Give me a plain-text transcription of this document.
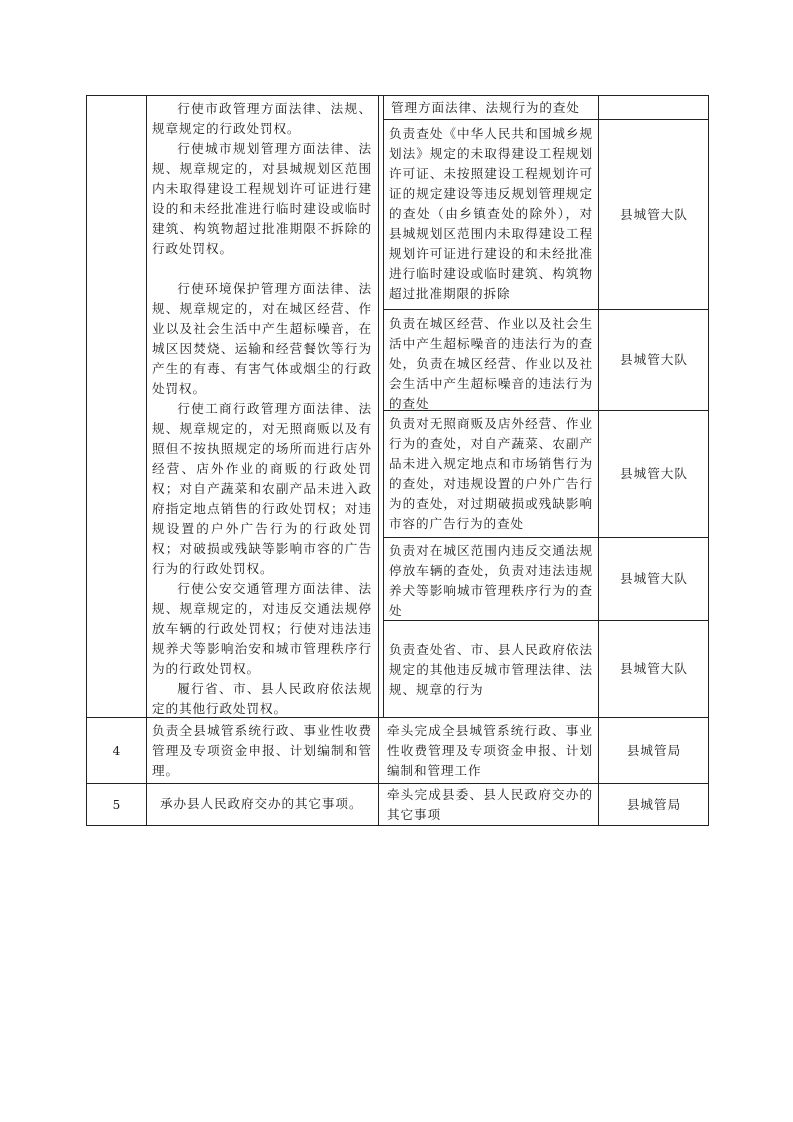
行使市政管理方面法律、法规、规章规定的行政处罚权。
行使城市规划管理方面法律、法规、规章规定的，对县城规划区范围内未取得建设工程规划许可证进行建设的和未经批准进行临时建设或临时建筑、构筑物超过批准期限不拆除的行政处罚权。
行使环境保护管理方面法律、法规、规章规定的，对在城区经营、作业以及社会生活中产生超标噪音，在城区因焚烧、运输和经营餐饮等行为产生的有毒、有害气体或烟尘的行政处罚权。
行使工商行政管理方面法律、法规、规章规定的，对无照商贩以及有照但不按执照规定的场所而进行店外经营、店外作业的商贩的行政处罚权；对自产蔬菜和农副产品未进入政府指定地点销售的行政处罚权；对违规设置的户外广告行为的行政处罚权；对破损或残缺等影响市容的广告行为的行政处罚权。
行使公安交通管理方面法律、法规、规章规定的，对违反交通法规停放车辆的行政处罚权；行使对违法违规养犬等影响治安和城市管理秩序行为的行政处罚权。
履行省、市、县人民政府依法规定的其他行政处罚权。
管理方面法律、法规行为的查处
负责查处《中华人民共和国城乡规划法》规定的未取得建设工程规划许可证、未按照建设工程规划许可证的规定建设等违反规划管理规定的查处（由乡镇查处的除外），对县城规划区范围内未取得建设工程规划许可证进行建设的和未经批准进行临时建设或临时建筑、构筑物超过批准期限的拆除
县城管大队
负责在城区经营、作业以及社会生活中产生超标噪音的违法行为的查处，负责在城区经营、作业以及社会生活中产生超标噪音的违法行为的查处
县城管大队
负责对无照商贩及店外经营、作业行为的查处，对自产蔬菜、农副产品未进入规定地点和市场销售行为的查处，对违规设置的户外广告行为的查处，对过期破损或残缺影响市容的广告行为的查处
县城管大队
负责对在城区范围内违反交通法规停放车辆的查处，负责对违法违规养犬等影响城市管理秩序行为的查处
县城管大队
负责查处省、市、县人民政府依法规定的其他违反城市管理法律、法规、规章的行为
县城管大队
4
负责全县城管系统行政、事业性收费管理及专项资金申报、计划编制和管理。
牵头完成全县城管系统行政、事业性收费管理及专项资金申报、计划编制和管理工作
县城管局
5	承办县人民政府交办的其它事项。
牵头完成县委、县人民政府交办的其它事项
县城管局
